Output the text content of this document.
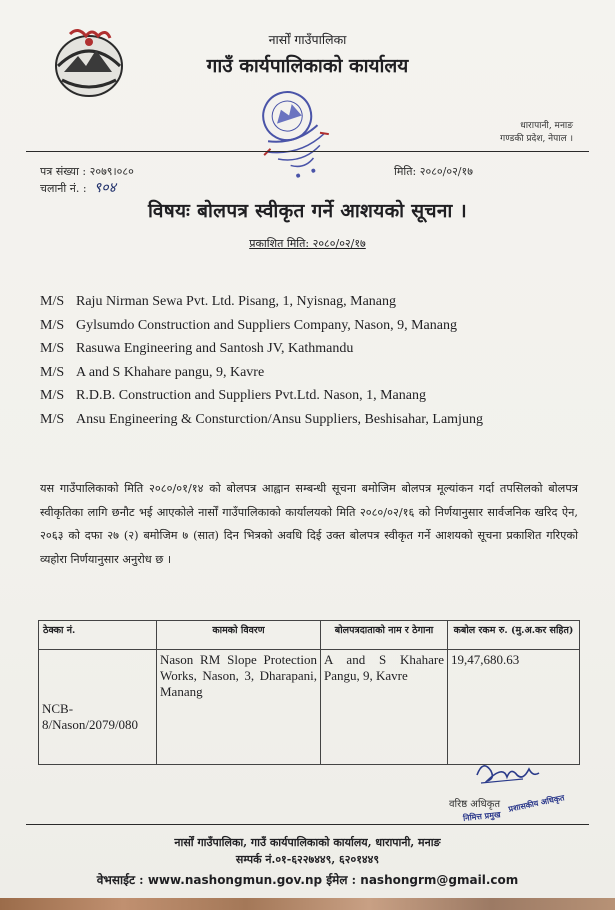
नार्सों गाउँपालिका
गाउँ कार्यपालिकाको कार्यालय
धारापानी, मनाङ
गण्डकी प्रदेश, नेपाल ।
पत्र संख्या : २०७९।०८०
चलानी नं. : ९०४
मिति: २०८०/०२/१७
विषयः बोलपत्र स्वीकृत गर्ने आशयको सूचना ।
प्रकाशित मिति: २०८०/०२/१७
M/S Raju Nirman Sewa Pvt. Ltd. Pisang, 1, Nyisnag, Manang
M/S Gylsumdo Construction and Suppliers Company, Nason, 9, Manang
M/S Rasuwa Engineering and Santosh JV, Kathmandu
M/S A and S Khahare pangu, 9, Kavre
M/S R.D.B. Construction and Suppliers Pvt.Ltd. Nason, 1, Manang
M/S Ansu Engineering & Consturction/Ansu Suppliers, Beshisahar, Lamjung
यस गाउँपालिकाको मिति २०८०/०१/१४ को बोलपत्र आह्वान सम्बन्धी सूचना बमोजिम बोलपत्र मूल्यांकन गर्दा तपसिलको बोलपत्र स्वीकृतिका लागि छनौट भई आएकोले नार्सों गाउँपालिकाको कार्यालयको मिति २०८०/०२/१६ को निर्णयानुसार सार्वजनिक खरिद ऐन, २०६३ को दफा २७ (२) बमोजिम ७ (सात) दिन भित्रको अवधि दिई उक्त बोलपत्र स्वीकृत गर्ने आशयको सूचना प्रकाशित गरिएको व्यहोरा निर्णयानुसार अनुरोध छ ।
ठेक्का नं.	कामको विवरण	बोलपत्रदाताको नाम र ठेगाना	कबोल रकम रु. (मु.अ.कर सहित)
NCB-8/Nason/2079/080	Nason RM Slope Protection Works, Nason, 3, Dharapani, Manang	A and S Khahare Pangu, 9, Kavre	19,47,680.63
वरिष्ठ अधिकृत प्रशासकीय अधिकृत
निमित्त प्रमुख
नार्सों गाउँपालिका, गाउँ कार्यपालिकाको कार्यालय, धारापानी, मनाङ
सम्पर्क नं.०१-६२२७४४९, ६२०१४४९
वेभसाईट : www.nashongmun.gov.np ईमेल : nashongrm@gmail.com
